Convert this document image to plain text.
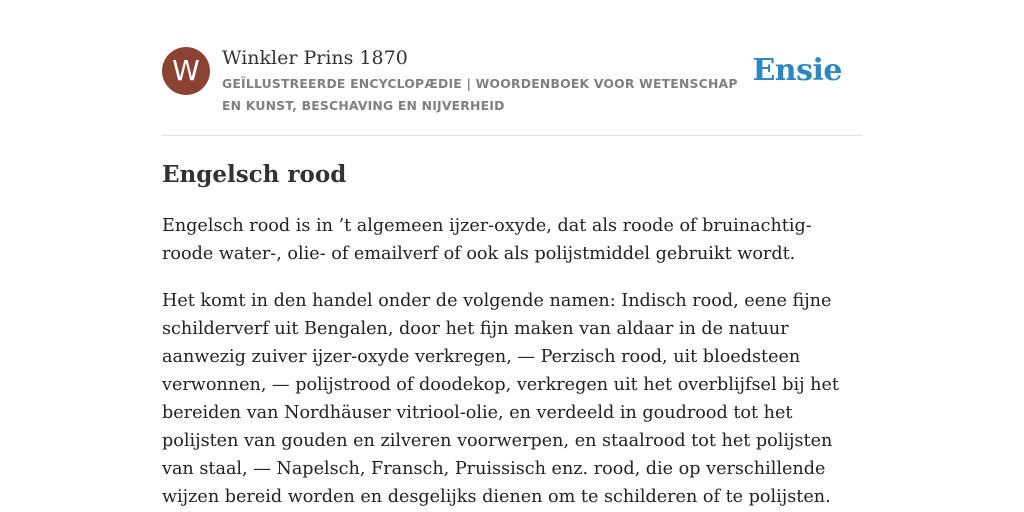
W	Winkler Prins 1870
GEÏLLUSTREERDE ENCYCLOPÆDIE | WOORDENBOEK VOOR WETENSCHAP EN KUNST, BESCHAVING EN NIJVERHEID
Ensie
Engelsch rood

Engelsch rood is in ’t algemeen ijzer-oxyde, dat als roode of bruinachtig-roode water-, olie- of emailverf of ook als polijstmiddel gebruikt wordt.

Het komt in den handel onder de volgende namen: Indisch rood, eene fijne schilderverf uit Bengalen, door het fijn maken van aldaar in de natuur aanwezig zuiver ijzer-oxyde verkregen, — Perzisch rood, uit bloedsteen verwonnen, — polijstrood of doodekop, verkregen uit het overblijfsel bij het bereiden van Nordhäuser vitriool-olie, en verdeeld in goudrood tot het polijsten van gouden en zilveren voorwerpen, en staalrood tot het polijsten van staal, — Napelsch, Fransch, Pruissisch enz. rood, die op verschillende wijzen bereid worden en desgelijks dienen om te schilderen of te polijsten.
